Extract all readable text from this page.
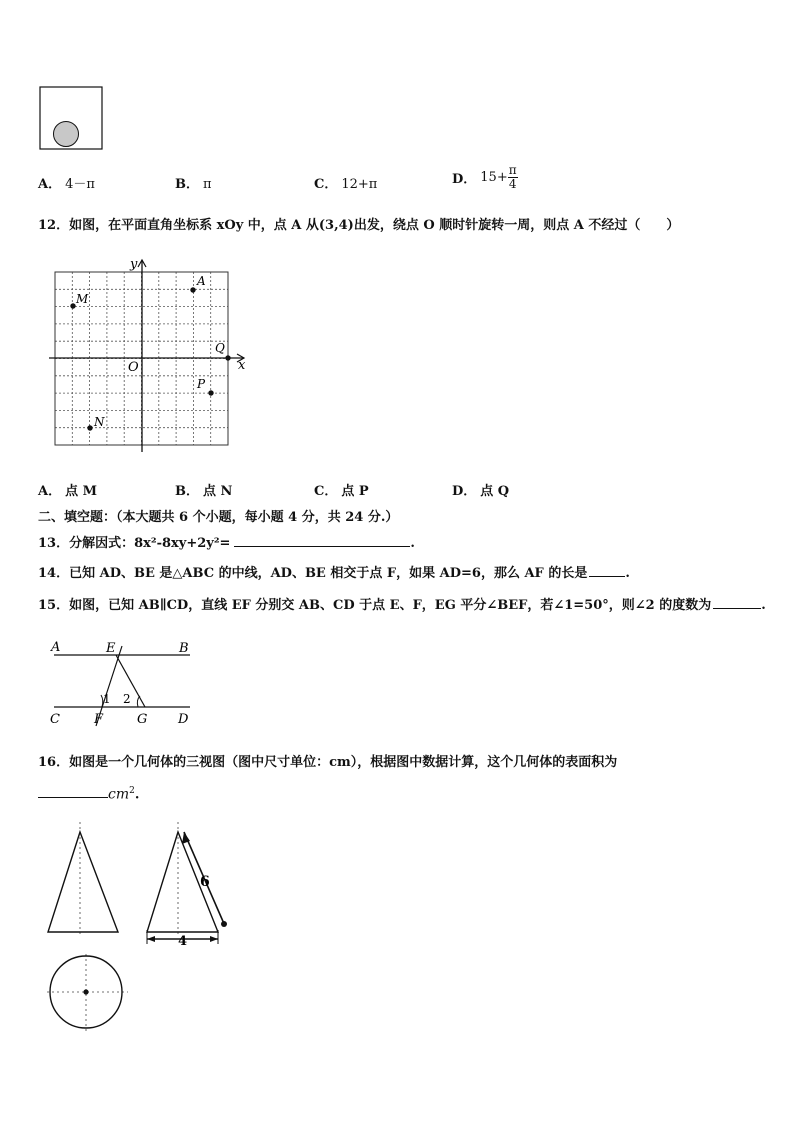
A． 4－π	B． π	C． 12+π	D． $15+ \frac{\pi}{4}$
12．如图，在平面直角坐标系 xOy 中，点 A 从(3,4)出发，绕点 O 顺时针旋转一周，则点 A 不经过（　　）
y
x
O
A
M
Q
P
N
A． 点 M	B． 点 N	C． 点 P	D． 点 Q
二、填空题：（本大题共 6 个小题，每小题 4 分，共 24 分.）
13．分解因式：8x²-8xy+2y²=	.
14．已知 AD、BE 是△ABC 的中线，AD、BE 相交于点 F，如果 AD=6，那么 AF 的长是	.
15．如图，已知 AB∥CD，直线 EF 分别交 AB、CD 于点 E、F，EG 平分∠BEF，若∠1=50°，则∠2 的度数为	.
A	E	B
C	F	G D
1 2
16．如图是一个几何体的三视图（图中尺寸单位：cm），根据图中数据计算，这个几何体的表面积为
$cm^2$.
6
4
